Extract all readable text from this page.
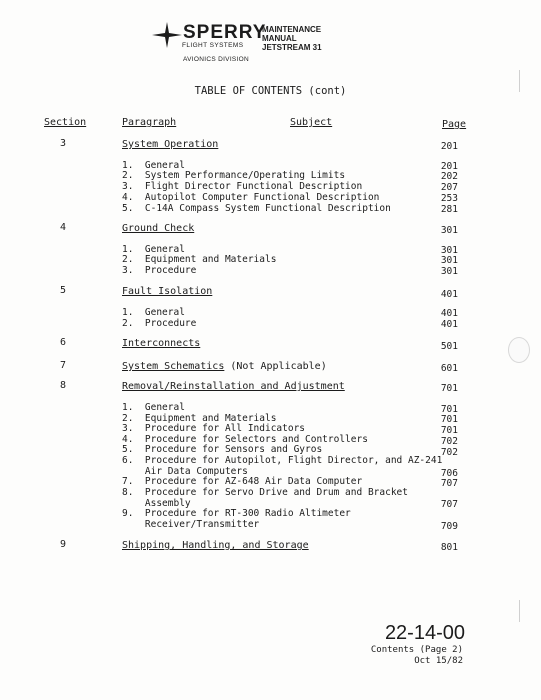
SPERRY
FLIGHT SYSTEMS
AVIONICS DIVISION
MAINTENANCE
MANUAL
JETSTREAM 31
TABLE OF CONTENTS (cont)
Section	Paragraph	Subject	Page
3	System Operation	201
1.  General	201
2.  System Performance/Operating Limits	202
3.  Flight Director Functional Description	207
4.  Autopilot Computer Functional Description	253
5.  C-14A Compass System Functional Description	281
4	Ground Check	301
1.  General	301
2.  Equipment and Materials	301
3.  Procedure	301
5	Fault Isolation	401
1.  General	401
2.  Procedure	401
6	Interconnects	501
7	System Schematics (Not Applicable)	601
8	Removal/Reinstallation and Adjustment	701
1.  General	701
2.  Equipment and Materials	701
3.  Procedure for All Indicators	701
4.  Procedure for Selectors and Controllers	702
5.  Procedure for Sensors and Gyros	702
6.  Procedure for Autopilot, Flight Director, and AZ-241
Air Data Computers	706
7.  Procedure for AZ-648 Air Data Computer	707
8.  Procedure for Servo Drive and Drum and Bracket
Assembly	707
9.  Procedure for RT-300 Radio Altimeter
Receiver/Transmitter	709
9	Shipping, Handling, and Storage	801
22-14-00
Contents (Page 2)
Oct 15/82
